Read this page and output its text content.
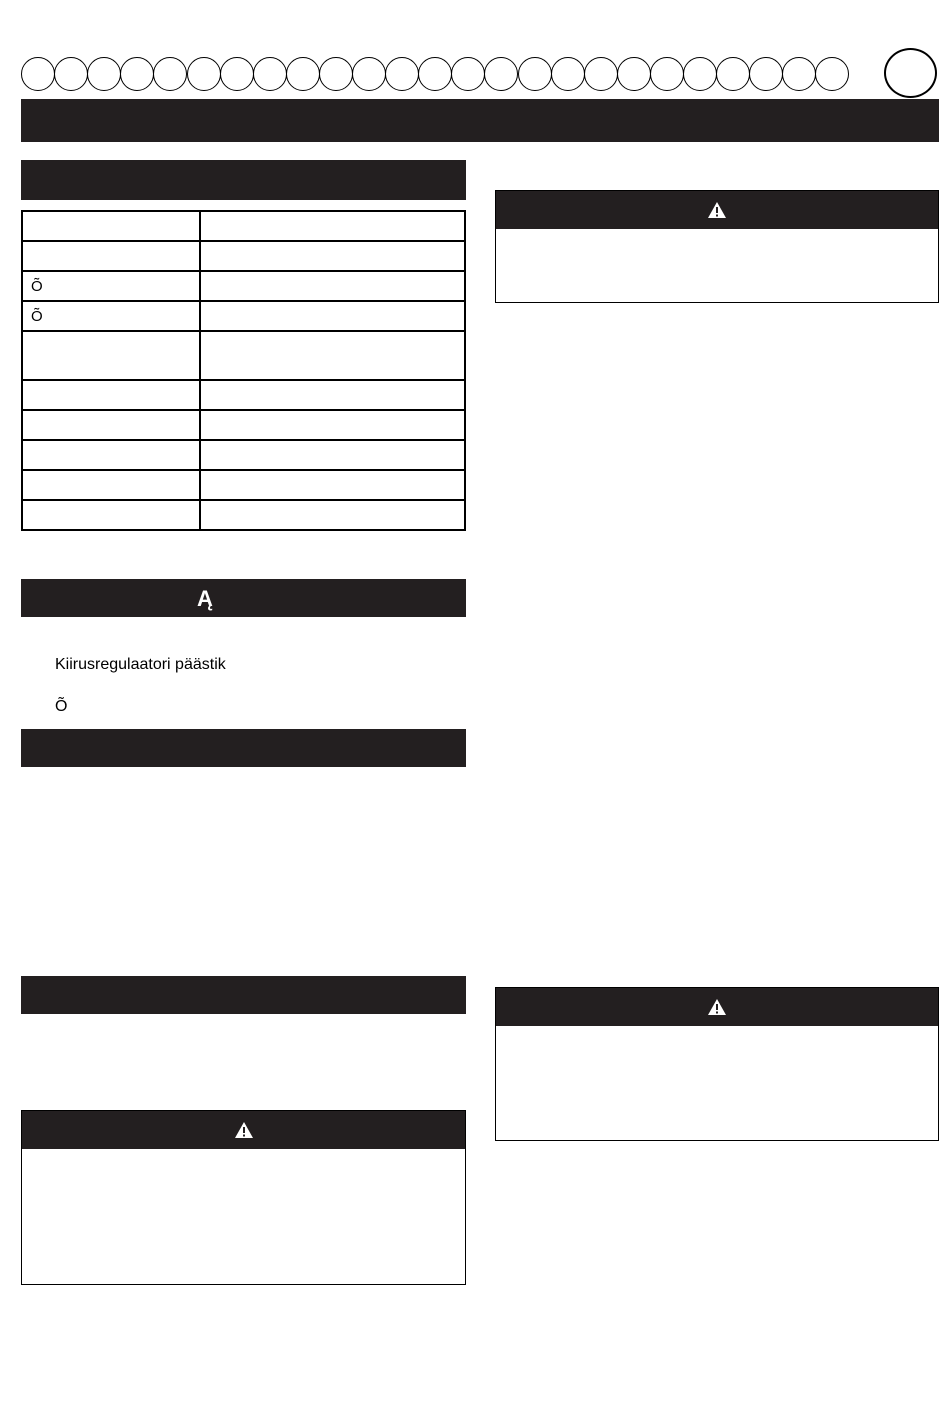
Õ	
Õ	

Ą
Kiirusregulaatori päästik
Õ
